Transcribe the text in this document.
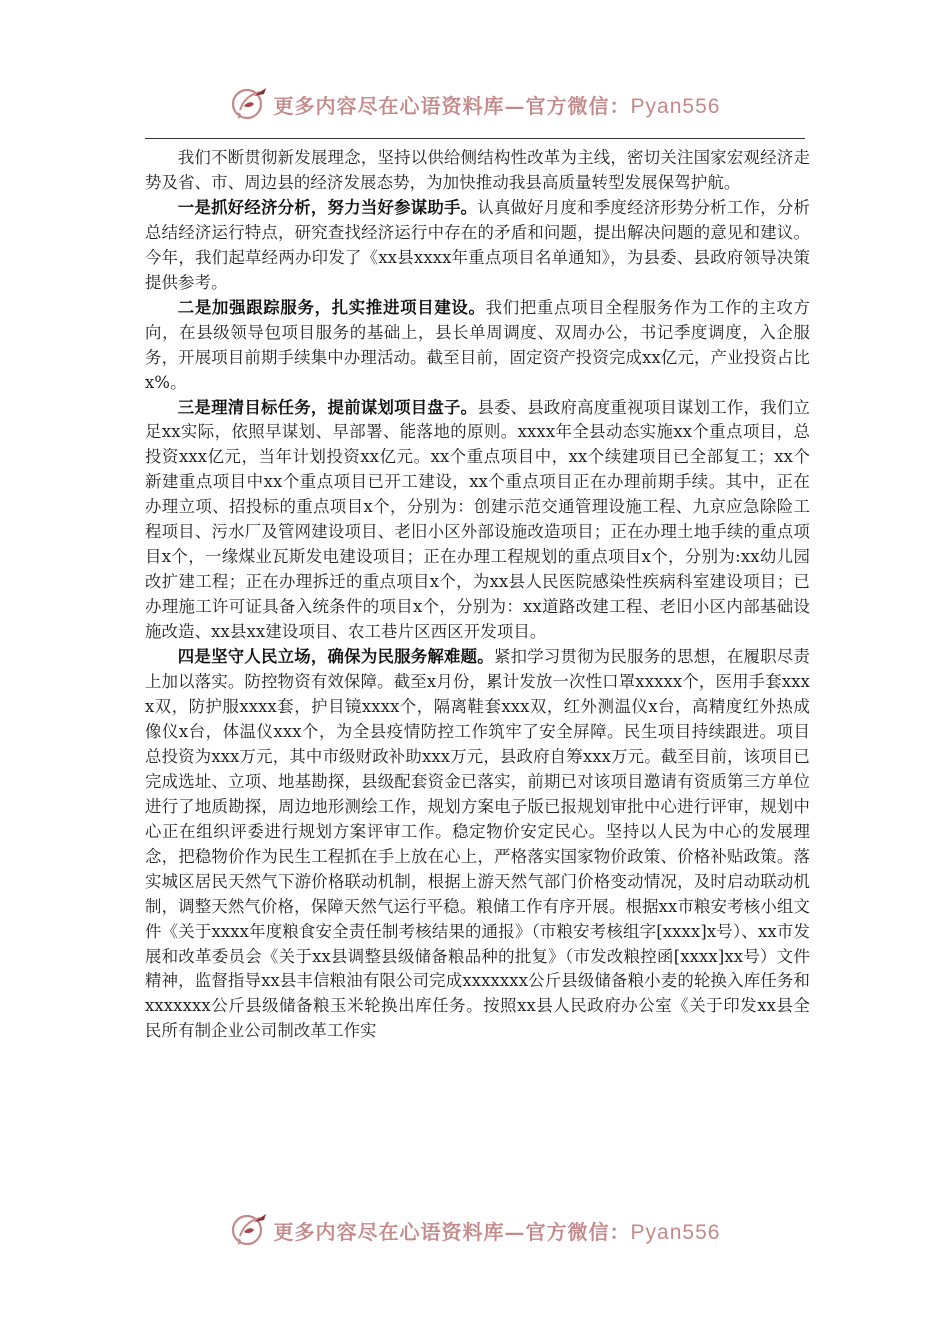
更多内容尽在心语资料库—官方微信：Pyan556

我们不断贯彻新发展理念，坚持以供给侧结构性改革为主线，密切关注国家宏观经济走势及省、市、周边县的经济发展态势，为加快推动我县高质量转型发展保驾护航。

一是抓好经济分析，努力当好参谋助手。认真做好月度和季度经济形势分析工作，分析总结经济运行特点，研究查找经济运行中存在的矛盾和问题，提出解决问题的意见和建议。今年，我们起草经两办印发了《xx县xxxx年重点项目名单通知》，为县委、县政府领导决策提供参考。

二是加强跟踪服务，扎实推进项目建设。我们把重点项目全程服务作为工作的主攻方向，在县级领导包项目服务的基础上，县长单周调度、双周办公，书记季度调度，入企服务，开展项目前期手续集中办理活动。截至目前，固定资产投资完成xx亿元，产业投资占比x%。

三是理清目标任务，提前谋划项目盘子。县委、县政府高度重视项目谋划工作，我们立足xx实际，依照早谋划、早部署、能落地的原则。xxxx年全县动态实施xx个重点项目，总投资xxx亿元，当年计划投资xx亿元。xx个重点项目中，xx个续建项目已全部复工；xx个新建重点项目中xx个重点项目已开工建设，xx个重点项目正在办理前期手续。其中，正在办理立项、招投标的重点项目x个，分别为：创建示范交通管理设施工程、九京应急除险工程项目、污水厂及管网建设项目、老旧小区外部设施改造项目；正在办理土地手续的重点项目x个，一缘煤业瓦斯发电建设项目；正在办理工程规划的重点项目x个，分别为:xx幼儿园改扩建工程；正在办理拆迁的重点项目x个，为xx县人民医院感染性疾病科室建设项目；已办理施工许可证具备入统条件的项目x个，分别为：xx道路改建工程、老旧小区内部基础设施改造、xx县xx建设项目、农工巷片区西区开发项目。

四是坚守人民立场，确保为民服务解难题。紧扣学习贯彻为民服务的思想，在履职尽责上加以落实。防控物资有效保障。截至x月份，累计发放一次性口罩xxxxx个，医用手套xxxx双，防护服xxxx套，护目镜xxxx个，隔离鞋套xxx双，红外测温仪x台，高精度红外热成像仪x台，体温仪xxx个，为全县疫情防控工作筑牢了安全屏障。民生项目持续跟进。项目总投资为xxx万元，其中市级财政补助xxx万元，县政府自筹xxx万元。截至目前，该项目已完成选址、立项、地基勘探，县级配套资金已落实，前期已对该项目邀请有资质第三方单位进行了地质勘探，周边地形测绘工作，规划方案电子版已报规划审批中心进行评审，规划中心正在组织评委进行规划方案评审工作。稳定物价安定民心。坚持以人民为中心的发展理念，把稳物价作为民生工程抓在手上放在心上，严格落实国家物价政策、价格补贴政策。落实城区居民天然气下游价格联动机制，根据上游天然气部门价格变动情况，及时启动联动机制，调整天然气价格，保障天然气运行平稳。粮储工作有序开展。根据xx市粮安考核小组文件《关于xxxx年度粮食安全责任制考核结果的通报》（市粮安考核组字[xxxx]x号）、xx市发展和改革委员会《关于xx县调整县级储备粮品种的批复》（市发改粮控函[xxxx]xx号）文件精神，监督指导xx县丰信粮油有限公司完成xxxxxxx公斤县级储备粮小麦的轮换入库任务和xxxxxxx公斤县级储备粮玉米轮换出库任务。按照xx县人民政府办公室《关于印发xx县全民所有制企业公司制改革工作实

更多内容尽在心语资料库—官方微信：Pyan556
